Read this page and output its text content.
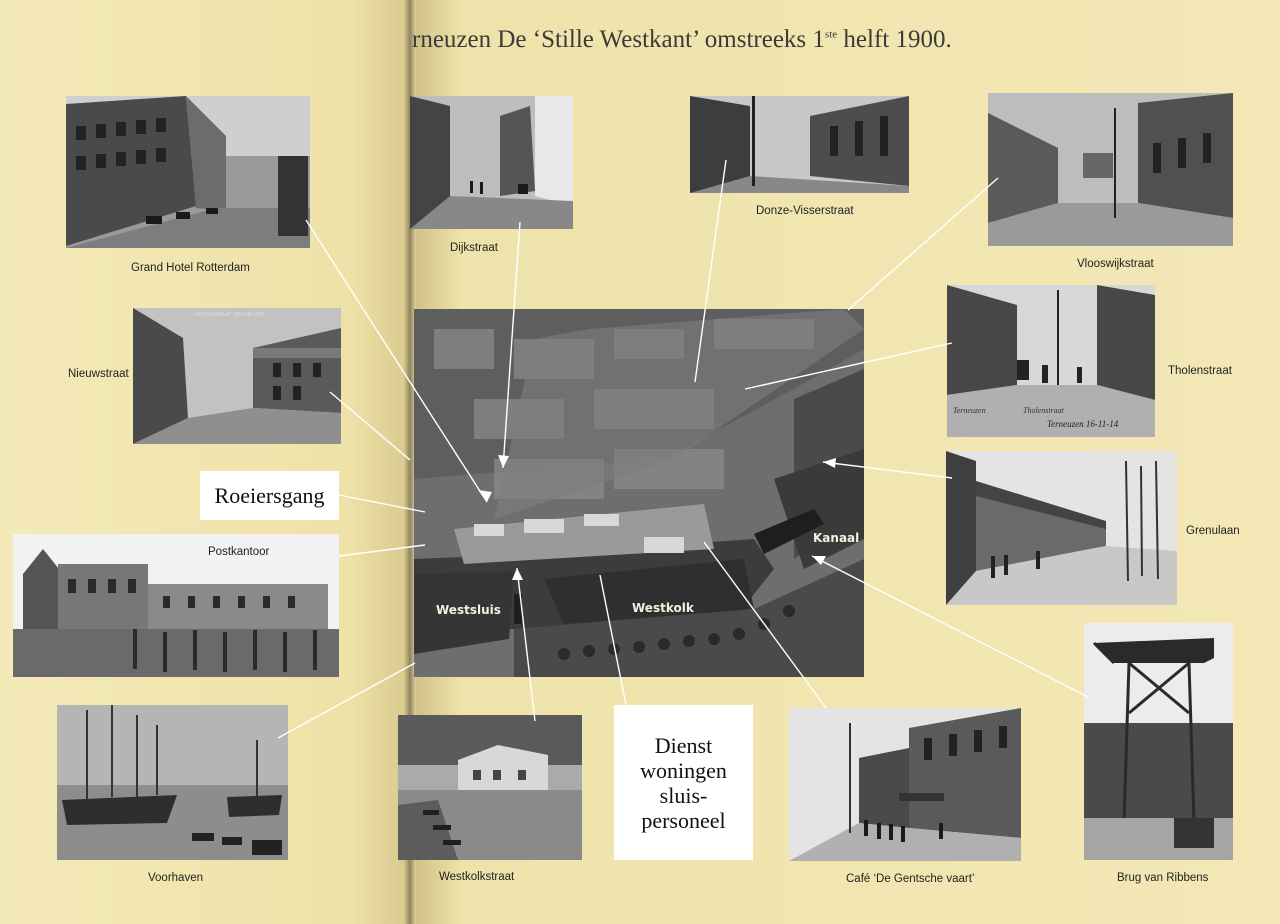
rneuzen De ‘Stille Westkant’ omstreeks 1ste helft 1900.
Grand Hotel Rotterdam
Dijkstraat
Donze-Visserstraat
Vlooswijkstraat
NIEUWSTRAAT TER NEUZEN
Nieuwstraat
Terneuzen	Tholenstraat
Terneuzen 16-11-14
Tholenstraat
Postkantoor
Grenulaan
Voorhaven	Westkolkstraat	Café ‘De Gentsche vaart’	Brug van Ribbens
Kanaal
Westsluis	Westkolk
Roeiersgang
Dienst
woningen
sluis-
personeel
